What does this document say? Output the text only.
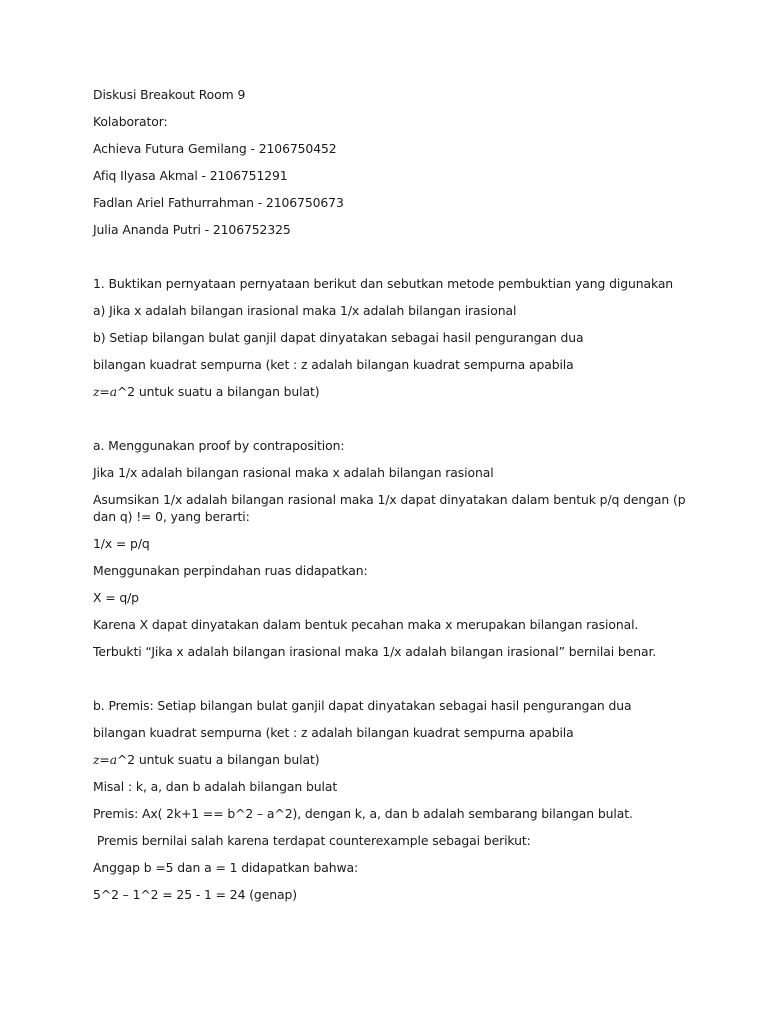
Diskusi Breakout Room 9

Kolaborator:

Achieva Futura Gemilang - 2106750452

Afiq Ilyasa Akmal - 2106751291

Fadlan Ariel Fathurrahman - 2106750673

Julia Ananda Putri - 2106752325

1. Buktikan pernyataan pernyataan berikut dan sebutkan metode pembuktian yang digunakan

a) Jika x adalah bilangan irasional maka 1/x adalah bilangan irasional

b) Setiap bilangan bulat ganjil dapat dinyatakan sebagai hasil pengurangan dua

bilangan kuadrat sempurna (ket : z adalah bilangan kuadrat sempurna apabila

z=a^2 untuk suatu a bilangan bulat)

a. Menggunakan proof by contraposition:

Jika 1/x adalah bilangan rasional maka x adalah bilangan rasional

Asumsikan 1/x adalah bilangan rasional maka 1/x dapat dinyatakan dalam bentuk p/q dengan (p dan q) != 0, yang berarti:

1/x = p/q

Menggunakan perpindahan ruas didapatkan:

X = q/p

Karena X dapat dinyatakan dalam bentuk pecahan maka x merupakan bilangan rasional.

Terbukti “Jika x adalah bilangan irasional maka 1/x adalah bilangan irasional” bernilai benar.

b. Premis: Setiap bilangan bulat ganjil dapat dinyatakan sebagai hasil pengurangan dua

bilangan kuadrat sempurna (ket : z adalah bilangan kuadrat sempurna apabila

z=a^2 untuk suatu a bilangan bulat)

Misal : k, a, dan b adalah bilangan bulat

Premis: Ax( 2k+1 == b^2 – a^2), dengan k, a, dan b adalah sembarang bilangan bulat.

Premis bernilai salah karena terdapat counterexample sebagai berikut:

Anggap b =5 dan a = 1 didapatkan bahwa:

5^2 – 1^2 = 25 - 1 = 24 (genap)
